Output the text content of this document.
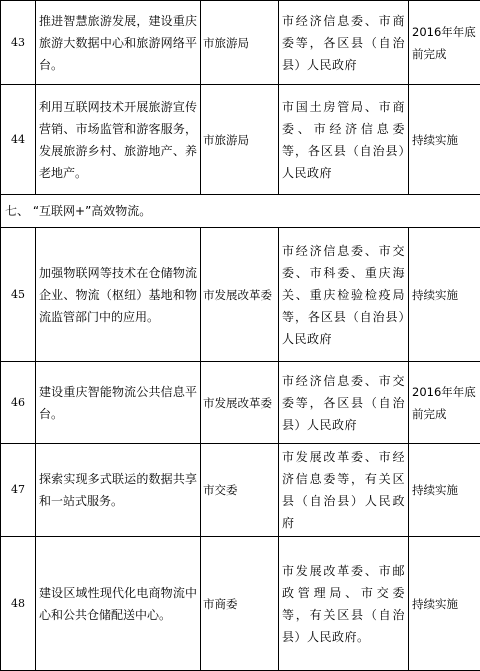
43	推进智慧旅游发展，建设重庆旅游大数据中心和旅游网络平台。	市旅游局	市经济信息委、市商委等，各区县（自治县）人民政府	2016年年底前完成
44	利用互联网技术开展旅游宣传营销、市场监管和游客服务，发展旅游乡村、旅游地产、养老地产。	市旅游局	市国土房管局、市商委、市经济信息委等，各区县（自治县）人民政府	持续实施
七、 “互联网+”高效物流。				
45	加强物联网等技术在仓储物流企业、物流（枢纽）基地和物流监管部门中的应用。	市发展改革委	市经济信息委、市交委、市科委、重庆海关、重庆检验检疫局等，各区县（自治县）人民政府	持续实施
46	建设重庆智能物流公共信息平台。	市发展改革委	市经济信息委、市交委等，各区县（自治县）人民政府	2016年年底前完成
47	探索实现多式联运的数据共享和一站式服务。	市交委	市发展改革委、市经济信息委等，有关区县（自治县）人民政府	持续实施
48	建设区域性现代化电商物流中心和公共仓储配送中心。	市商委	市发展改革委、市邮政管理局、市交委等，有关区县（自治县）人民政府。	持续实施
